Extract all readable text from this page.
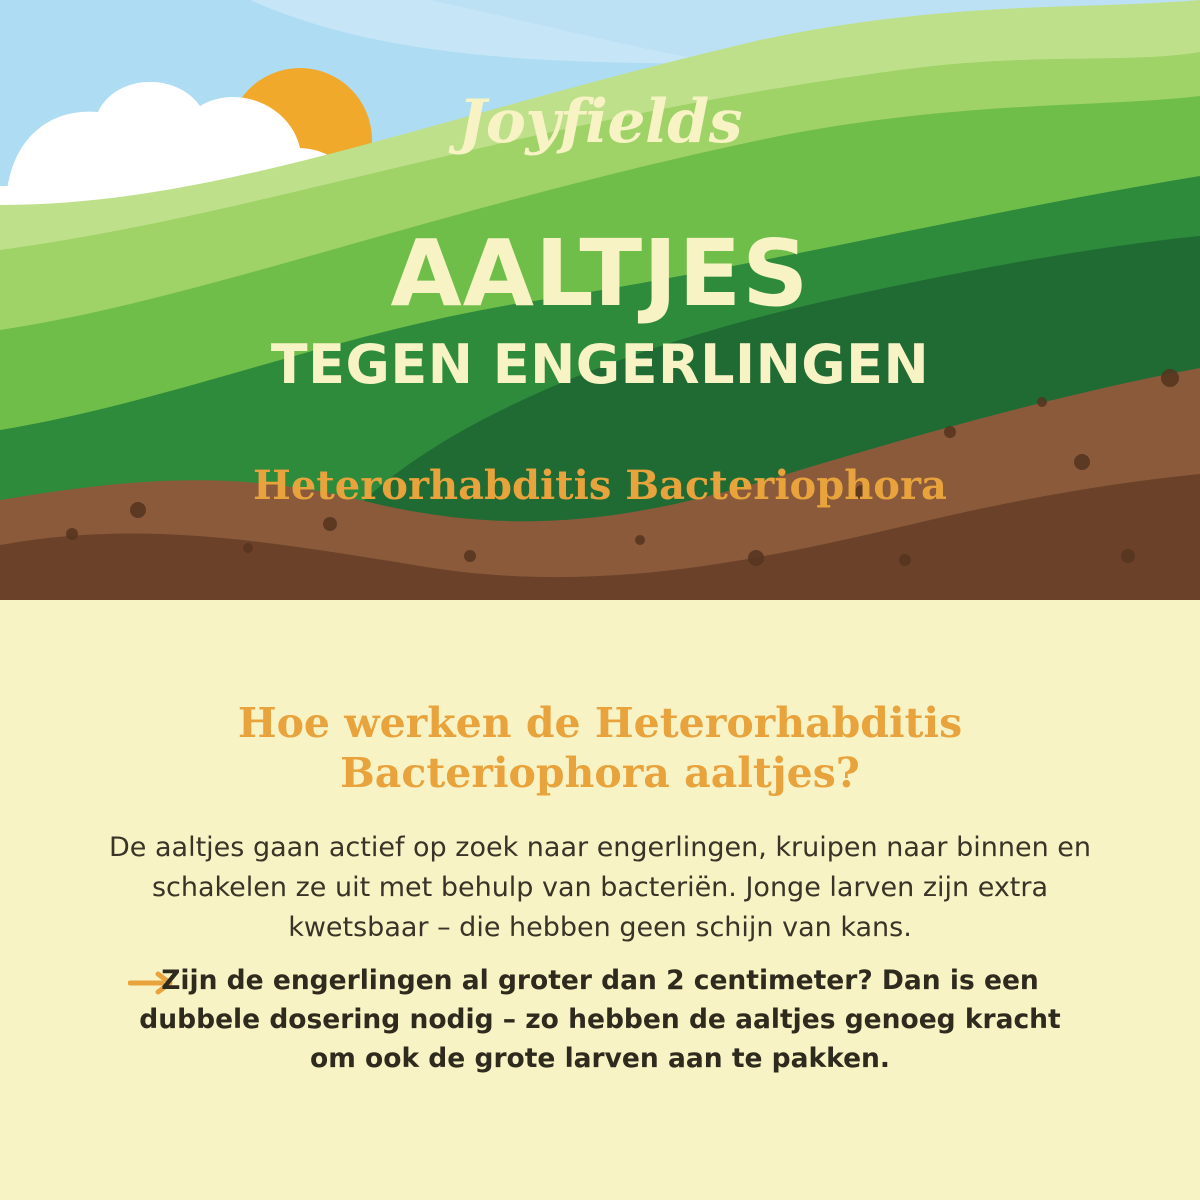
Joyfields
AALTJES
TEGEN ENGERLINGEN
Heterorhabditis Bacteriophora
Hoe werken de Heterorhabditis Bacteriophora aaltjes?
De aaltjes gaan actief op zoek naar engerlingen, kruipen naar binnen en schakelen ze uit met behulp van bacteriën. Jonge larven zijn extra kwetsbaar – die hebben geen schijn van kans.
Zijn de engerlingen al groter dan 2 centimeter? Dan is een dubbele dosering nodig – zo hebben de aaltjes genoeg kracht om ook de grote larven aan te pakken.
